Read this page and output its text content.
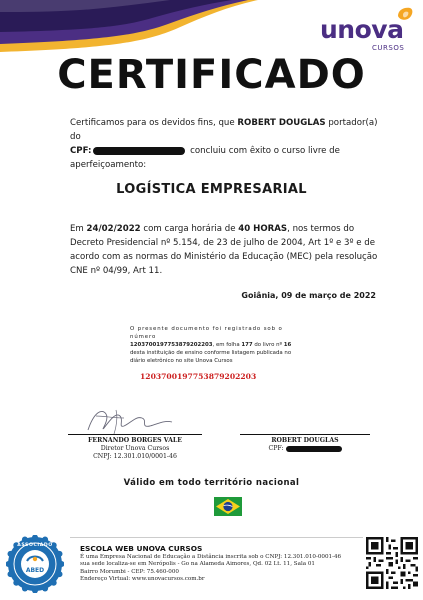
unova
CURSOS
CERTIFICADO
Certificamos para os devidos fins, que ROBERT DOUGLAS portador(a) do
CPF:	concluiu com êxito o curso livre de aperfeiçoamento:
LOGÍSTICA EMPRESARIAL
Em 24/02/2022 com carga horária de 40 HORAS, nos termos do Decreto Presidencial nº 5.154, de 23 de julho de 2004, Art 1º e 3º e de acordo com as normas do Ministério da Educação (MEC) pela resolução CNE nº 04/99, Art 11.
Goiânia, 09 de março de 2022
O presente documento foi registrado sob o número
1203700197753879202203, em folha 177 do livro nº 16
desta instituição de ensino conforme listagem publicada no diário eletrônico no site Unova Cursos
1203700197753879202203
FERNANDO BORGES VALE
Diretor Unova Cursos
CNPJ: 12.301.010/0001-46
ROBERT DOUGLAS
CPF:
Válido em todo território nacional
ASSOCIADO
ABED
ESCOLA WEB UNOVA CURSOS
É uma Empresa Nacional de Educação a Distância inscrita sob o CNPJ: 12.301.010-0001-46
sua sede localiza-se em Nerópolis - Go na Alameda Aimores, Qd. 02 Lt. 11, Sala 01
Bairro Morumbi - CEP: 75.460-000
Endereço Virtual: www.unovacursos.com.br
